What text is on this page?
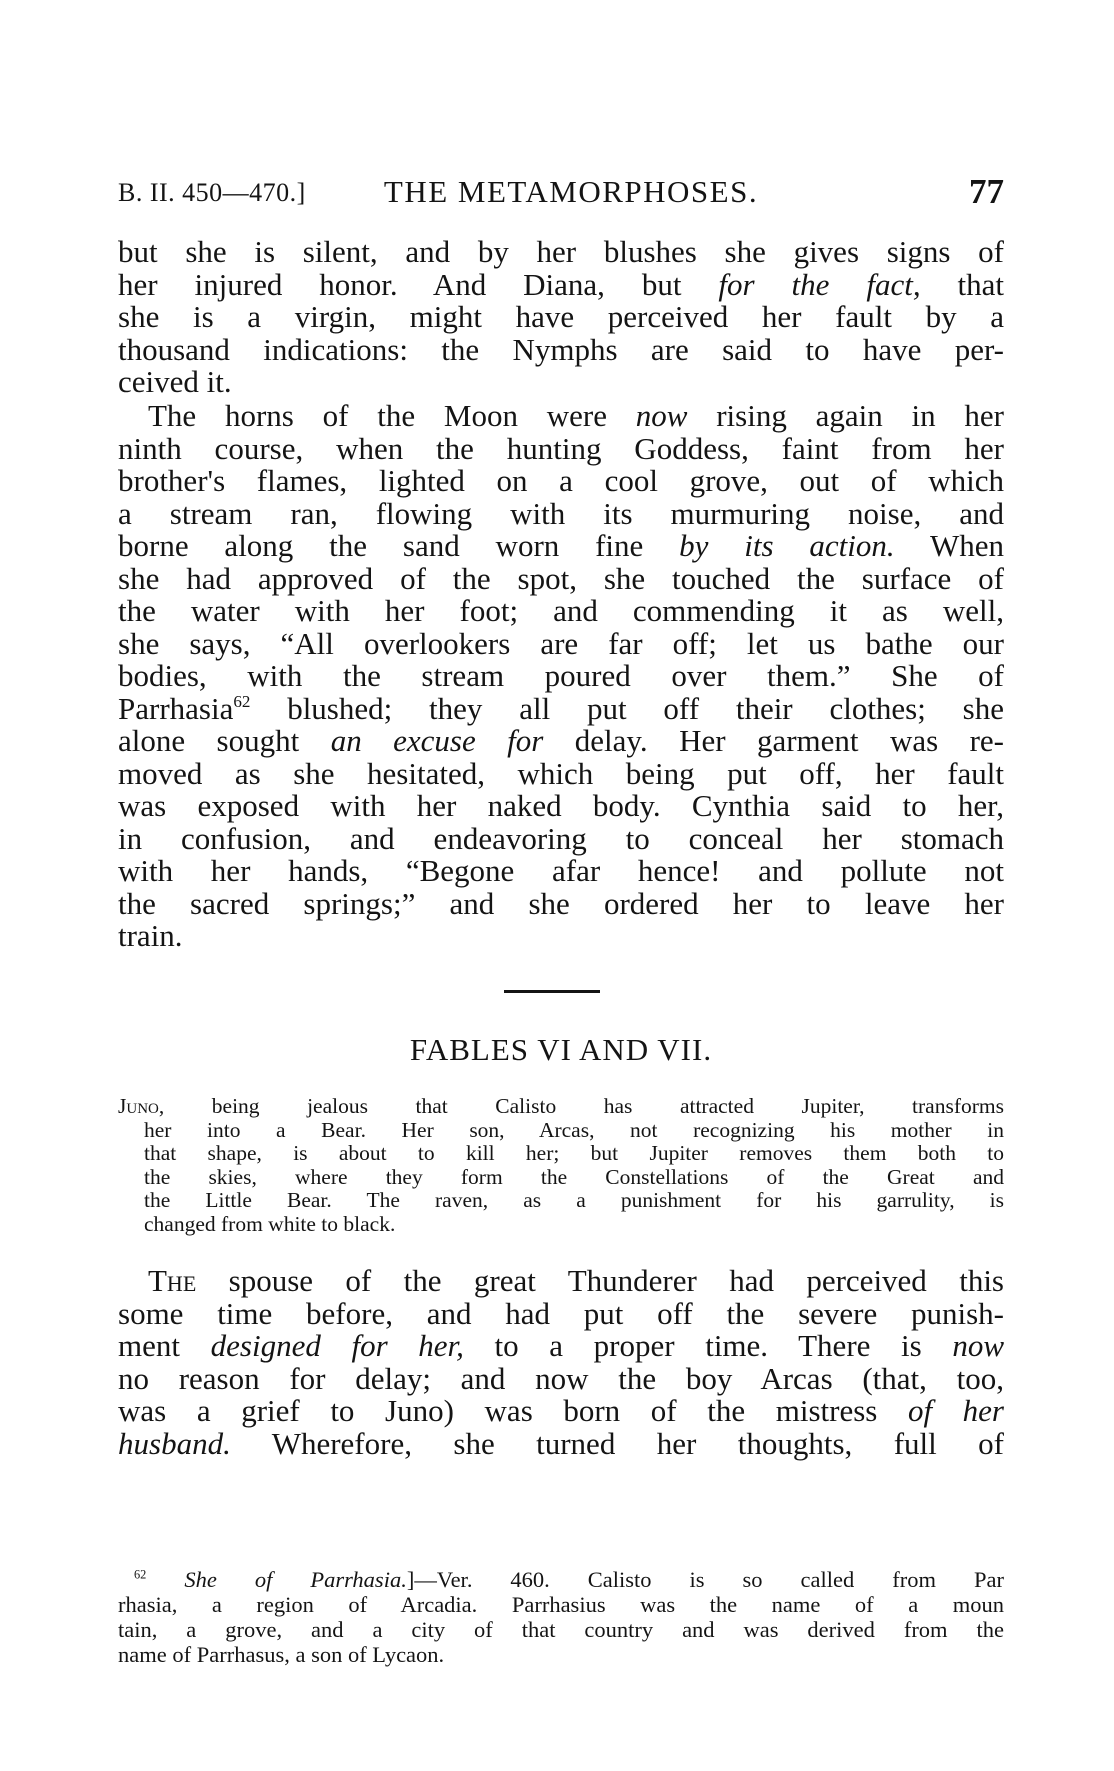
B. II. 450—470.]	THE METAMORPHOSES.	77
but she is silent, and by her blushes she gives signs of
her injured honor. And Diana, but for the fact, that
she is a virgin, might have perceived her fault by a
thousand indications: the Nymphs are said to have per-
ceived it.
The horns of the Moon were now rising again in her
ninth course, when the hunting Goddess, faint from her
brother's flames, lighted on a cool grove, out of which
a stream ran, flowing with its murmuring noise, and
borne along the sand worn fine by its action. When
she had approved of the spot, she touched the surface of
the water with her foot; and commending it as well,
she says, “All overlookers are far off; let us bathe our
bodies, with the stream poured over them.” She of
Parrhasia$^{62}$ blushed; they all put off their clothes; she
alone sought an excuse for delay. Her garment was re-
moved as she hesitated, which being put off, her fault
was exposed with her naked body. Cynthia said to her,
in confusion, and endeavoring to conceal her stomach
with her hands, “Begone afar hence! and pollute not
the sacred springs;” and she ordered her to leave her
train.
FABLES VI AND VII.
Juno, being jealous that Calisto has attracted Jupiter, transforms
her into a Bear. Her son, Arcas, not recognizing his mother in
that shape, is about to kill her; but Jupiter removes them both to
the skies, where they form the Constellations of the Great and
the Little Bear. The raven, as a punishment for his garrulity, is
changed from white to black.
The spouse of the great Thunderer had perceived this
some time before, and had put off the severe punish-
ment designed for her, to a proper time. There is now
no reason for delay; and now the boy Arcas (that, too,
was a grief to Juno) was born of the mistress of her
husband. Wherefore, she turned her thoughts, full of
$^{62}$ She of Parrhasia.]—Ver. 460. Calisto is so called from Par
rhasia, a region of Arcadia. Parrhasius was the name of a moun
tain, a grove, and a city of that country and was derived from the
name of Parrhasus, a son of Lycaon.
